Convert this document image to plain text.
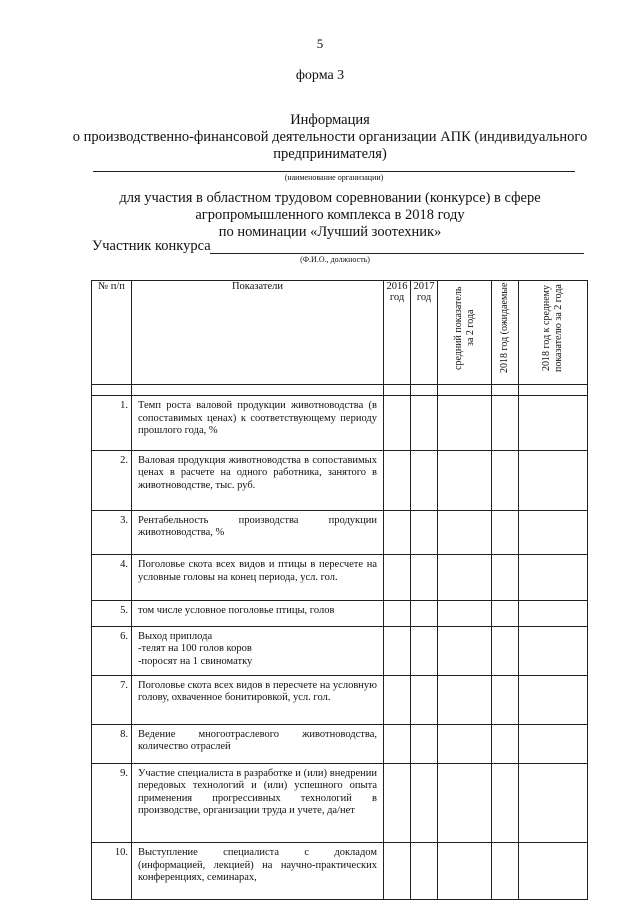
5
форма 3
Информация
о производственно-финансовой деятельности организации АПК (индивидуального
предпринимателя)
(наименование организации)
для участия в областном трудовом соревновании (конкурсе) в сфере
агропромышленного комплекса в 2018 году
по номинации «Лучший зоотехник»
Участник конкурса
(Ф.И.О., должность)
№ п/п	Показатели	2016 год	2017 год	средний показатель за 2 года	2018 год (ожидаемые	2018 год к среднему показателю за 2 года

1.	Темп роста валовой продукции животноводства (в сопоставимых ценах) к соответствующему периоду прошлого года, %					
2.	Валовая продукция животноводства в сопоставимых ценах в расчете на одного работника, занятого в животноводстве, тыс. руб.					
3.	Рентабельность производства продукции животноводства, %					
4.	Поголовье скота всех видов и птицы в пересчете на условные головы на конец периода, усл. гол.					
5.	том числе условное поголовье птицы, голов					
6.	Выход приплода
-телят на 100 голов коров
-поросят на 1 свиноматку					
7.	Поголовье скота всех видов в пересчете на условную голову, охваченное бонитировкой, усл. гол.					
8.	Ведение многоотраслевого животноводства, количество отраслей					
9.	Участие специалиста в разработке и (или) внедрении передовых технологий и (или) успешного опыта применения прогрессивных технологий в производстве, организации труда и учете, да/нет					
10.	Выступление специалиста с докладом (информацией, лекцией) на научно-практических конференциях, семинарах,					
